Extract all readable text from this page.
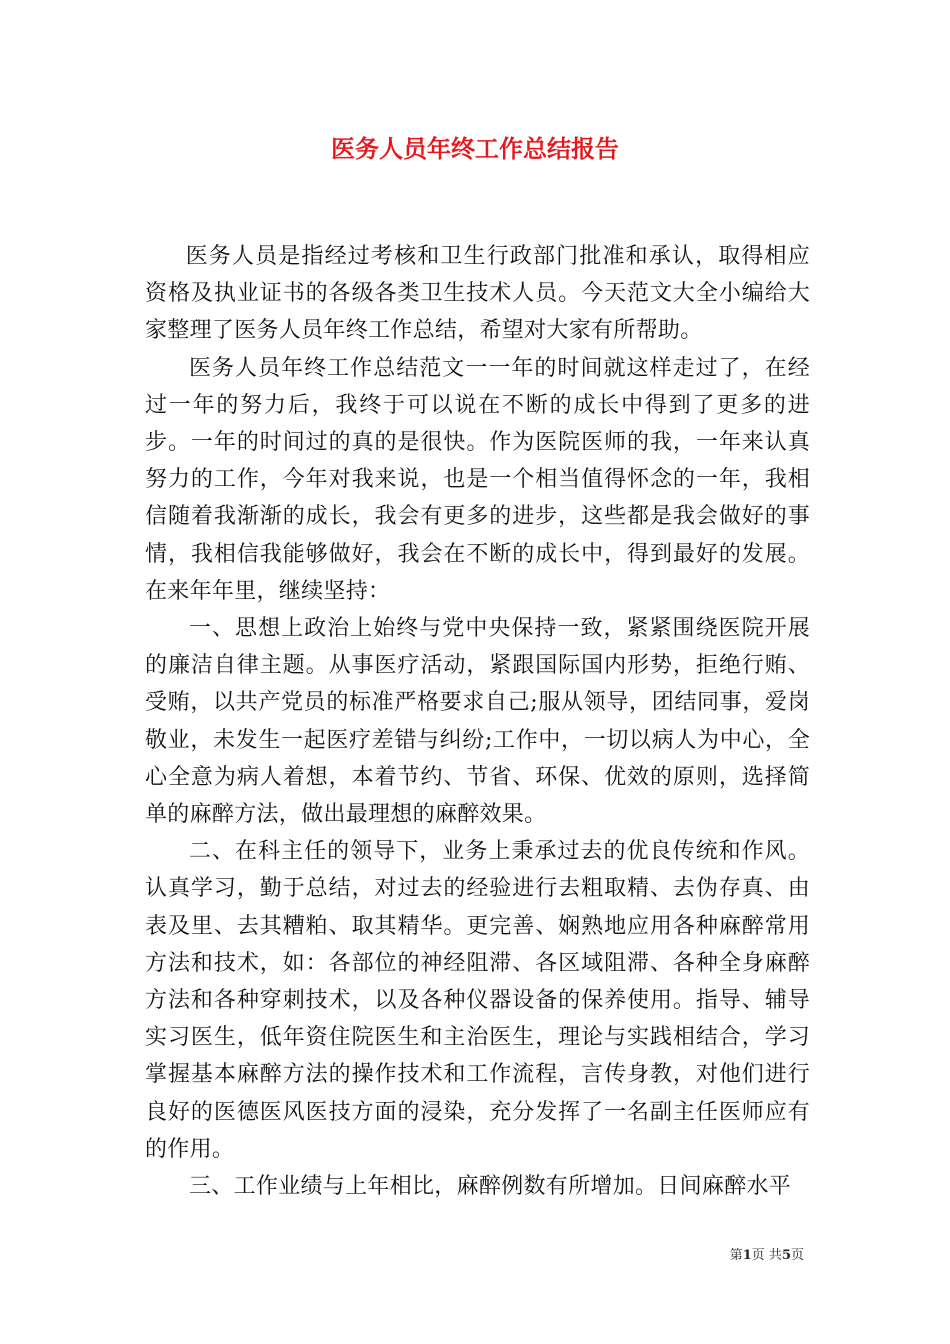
医务人员年终工作总结报告

医务人员是指经过考核和卫生行政部门批准和承认，取得相应资格及执业证书的各级各类卫生技术人员。今天范文大全小编给大家整理了医务人员年终工作总结，希望对大家有所帮助。

医务人员年终工作总结范文一一年的时间就这样走过了，在经过一年的努力后，我终于可以说在不断的成长中得到了更多的进步。一年的时间过的真的是很快。作为医院医师的我，一年来认真努力的工作，今年对我来说，也是一个相当值得怀念的一年，我相信随着我渐渐的成长，我会有更多的进步，这些都是我会做好的事情，我相信我能够做好，我会在不断的成长中，得到最好的发展。在来年年里，继续坚持：

一、思想上政治上始终与党中央保持一致，紧紧围绕医院开展的廉洁自律主题。从事医疗活动，紧跟国际国内形势，拒绝行贿、受贿，以共产党员的标准严格要求自己;服从领导，团结同事，爱岗敬业，未发生一起医疗差错与纠纷;工作中，一切以病人为中心，全心全意为病人着想，本着节约、节省、环保、优效的原则，选择简单的麻醉方法，做出最理想的麻醉效果。

二、在科主任的领导下，业务上秉承过去的优良传统和作风。认真学习，勤于总结，对过去的经验进行去粗取精、去伪存真、由表及里、去其糟粕、取其精华。更完善、娴熟地应用各种麻醉常用方法和技术，如：各部位的神经阻滞、各区域阻滞、各种全身麻醉方法和各种穿刺技术，以及各种仪器设备的保养使用。指导、辅导实习医生，低年资住院医生和主治医生，理论与实践相结合，学习掌握基本麻醉方法的操作技术和工作流程，言传身教，对他们进行良好的医德医风医技方面的浸染，充分发挥了一名副主任医师应有的作用。

三、工作业绩与上年相比，麻醉例数有所增加。日间麻醉水平

第1页 共5页
